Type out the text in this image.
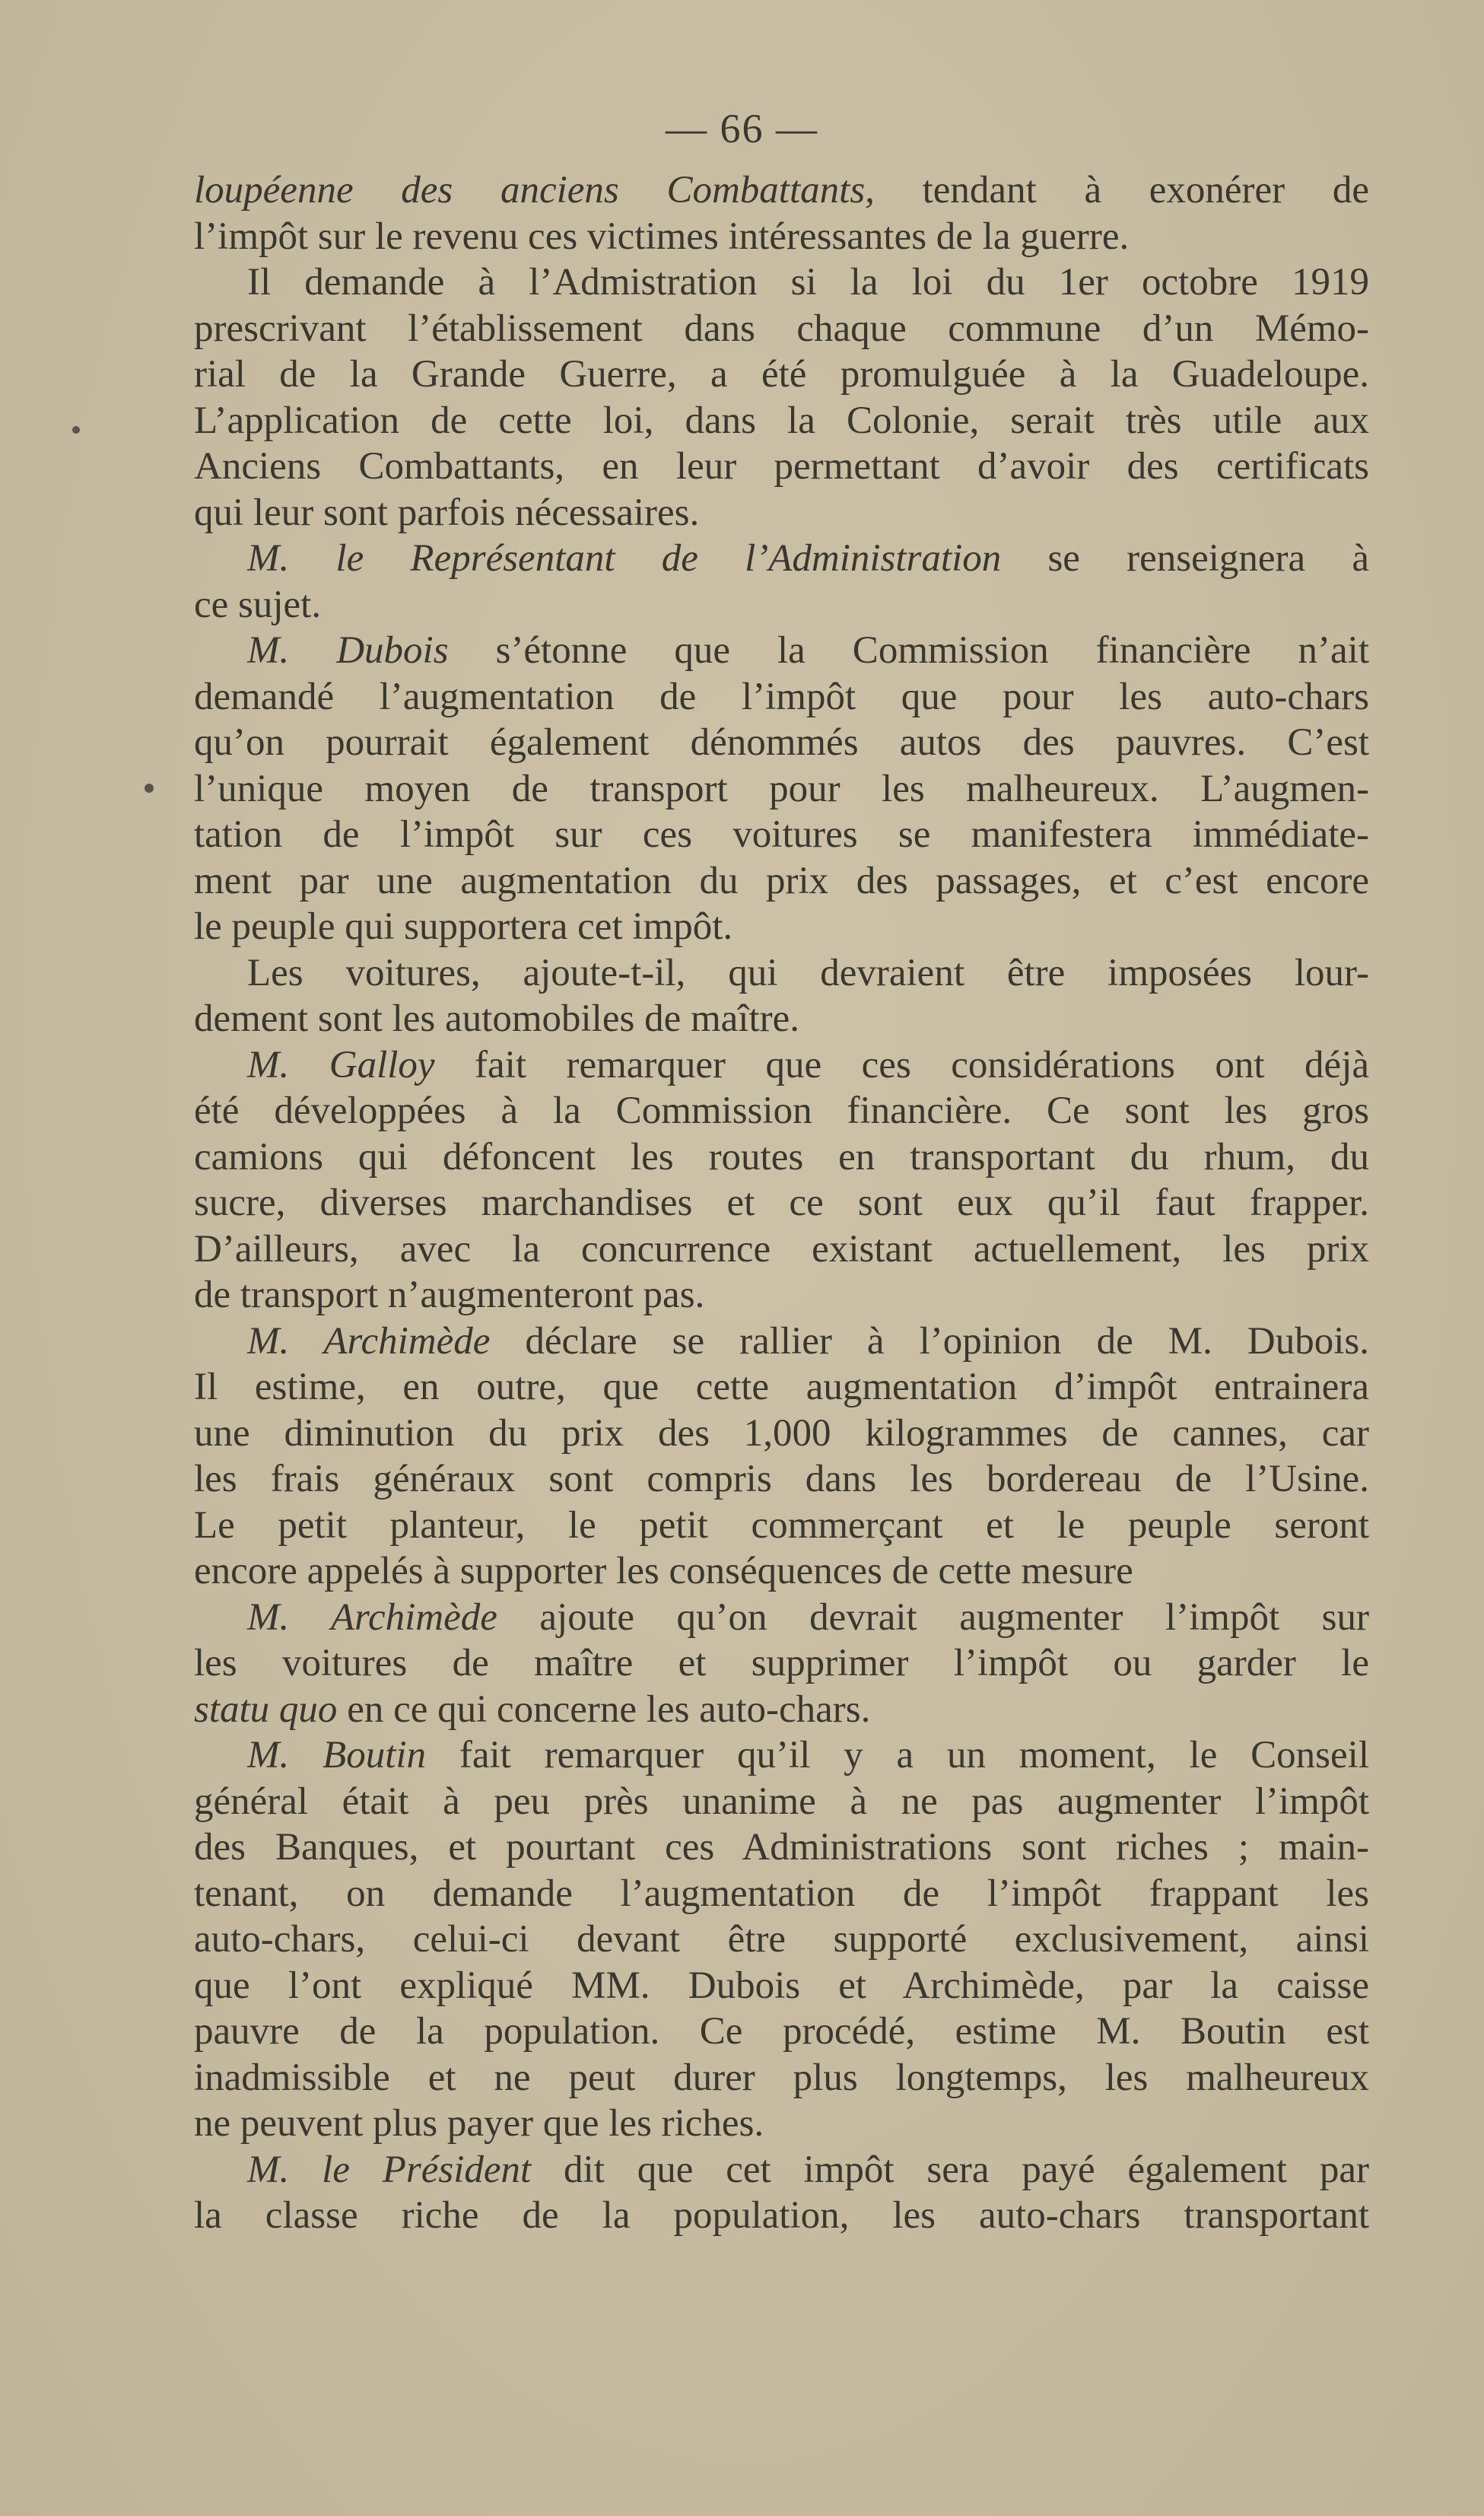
— 66 —
loupéenne des anciens Combattants, tendant à exonérer de
l’impôt sur le revenu ces victimes intéressantes de la guerre.
Il demande à l’Admistration si la loi du 1er octobre 1919
prescrivant l’établissement dans chaque commune d’un Mémo-
rial de la Grande Guerre, a été promulguée à la Guadeloupe.
L’application de cette loi, dans la Colonie, serait très utile aux
Anciens Combattants, en leur permettant d’avoir des certificats
qui leur sont parfois nécessaires.
M. le Représentant de l’Administration se renseignera à
ce sujet.
M. Dubois s’étonne que la Commission financière n’ait
demandé l’augmentation de l’impôt que pour les auto-chars
qu’on pourrait également dénommés autos des pauvres. C’est
l’unique moyen de transport pour les malheureux. L’augmen-
tation de l’impôt sur ces voitures se manifestera immédiate-
ment par une augmentation du prix des passages, et c’est encore
le peuple qui supportera cet impôt.
Les voitures, ajoute-t-il, qui devraient être imposées lour-
dement sont les automobiles de maître.
M. Galloy fait remarquer que ces considérations ont déjà
été développées à la Commission financière. Ce sont les gros
camions qui défoncent les routes en transportant du rhum, du
sucre, diverses marchandises et ce sont eux qu’il faut frapper.
D’ailleurs, avec la concurrence existant actuellement, les prix
de transport n’augmenteront pas.
M. Archimède déclare se rallier à l’opinion de M. Dubois.
Il estime, en outre, que cette augmentation d’impôt entrainera
une diminution du prix des 1,000 kilogrammes de cannes, car
les frais généraux sont compris dans les bordereau de l’Usine.
Le petit planteur, le petit commerçant et le peuple seront
encore appelés à supporter les conséquences de cette mesure
M. Archimède ajoute qu’on devrait augmenter l’impôt sur
les voitures de maître et supprimer l’impôt ou garder le
statu quo en ce qui concerne les auto-chars.
M. Boutin fait remarquer qu’il y a un moment, le Conseil
général était à peu près unanime à ne pas augmenter l’impôt
des Banques, et pourtant ces Administrations sont riches ; main-
tenant, on demande l’augmentation de l’impôt frappant les
auto-chars, celui-ci devant être supporté exclusivement, ainsi
que l’ont expliqué MM. Dubois et Archimède, par la caisse
pauvre de la population. Ce procédé, estime M. Boutin est
inadmissible et ne peut durer plus longtemps, les malheureux
ne peuvent plus payer que les riches.
M. le Président dit que cet impôt sera payé également par
la classe riche de la population, les auto-chars transportant
